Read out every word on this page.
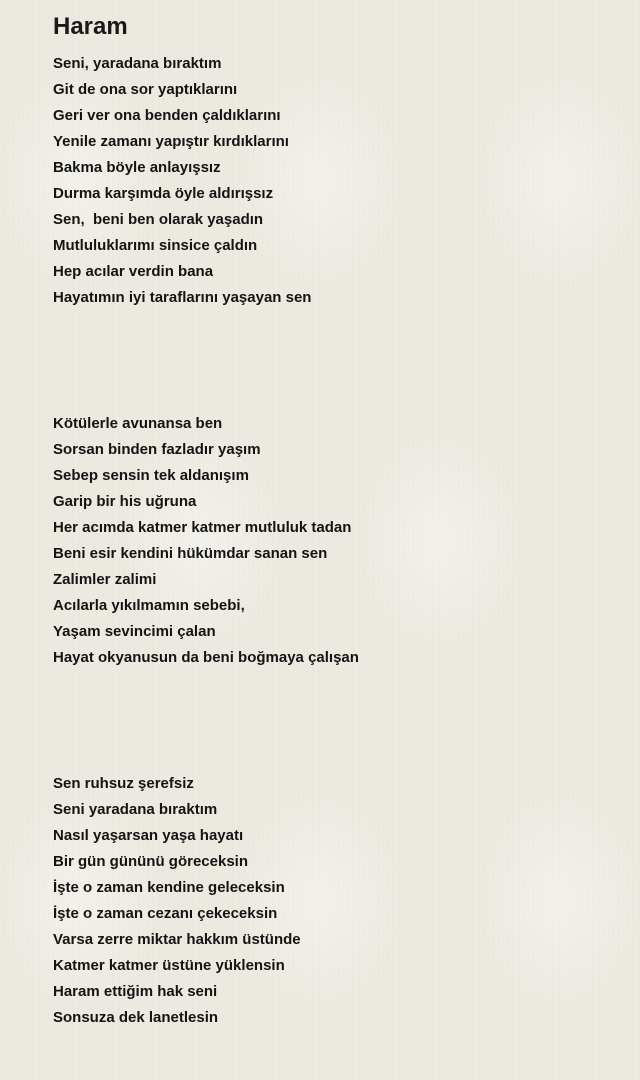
Haram
Seni, yaradana bıraktım
Git de ona sor yaptıklarını
Geri ver ona benden çaldıklarını
Yenile zamanı yapıştır kırdıklarını
Bakma böyle anlayışsız
Durma karşımda öyle aldırışsız
Sen,  beni ben olarak yaşadın
Mutluluklarımı sinsice çaldın
Hep acılar verdin bana
Hayatımın iyi taraflarını yaşayan sen
Kötülerle avunansa ben
Sorsan binden fazladır yaşım
Sebep sensin tek aldanışım
Garip bir his uğruna
Her acımda katmer katmer mutluluk tadan
Beni esir kendini hükümdar sanan sen
Zalimler zalimi
Acılarla yıkılmamın sebebi,
Yaşam sevincimi çalan
Hayat okyanusun da beni boğmaya çalışan
Sen ruhsuz şerefsiz
Seni yaradana bıraktım
Nasıl yaşarsan yaşa hayatı
Bir gün gününü göreceksin
İşte o zaman kendine geleceksin
İşte o zaman cezanı çekeceksin
Varsa zerre miktar hakkım üstünde
Katmer katmer üstüne yüklensin
Haram ettiğim hak seni
Sonsuza dek lanetlesin
